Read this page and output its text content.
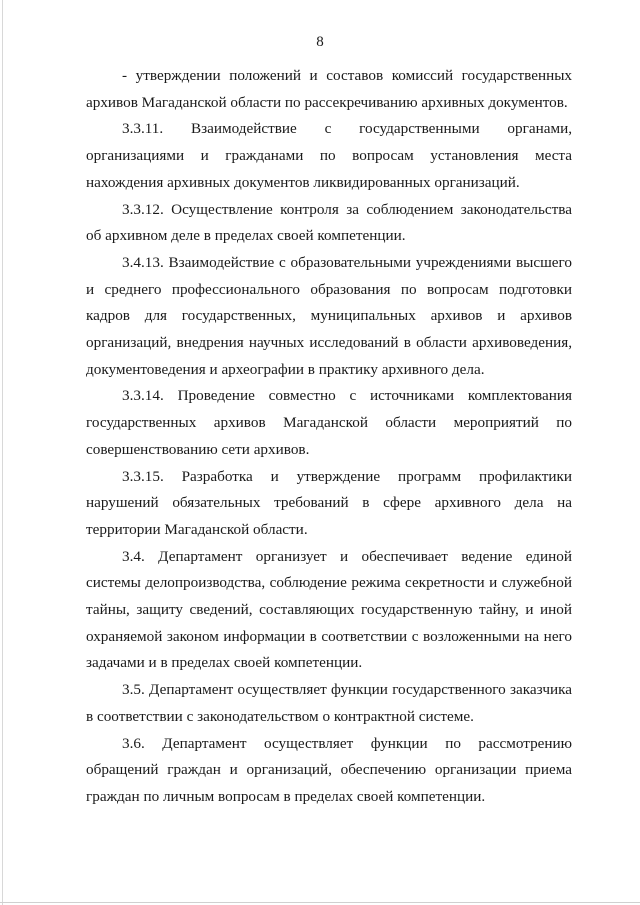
8

- утверждении положений и составов комиссий государственных архивов Магаданской области по рассекречиванию архивных документов.

3.3.11. Взаимодействие с государственными органами, организациями и гражданами по вопросам установления места нахождения архивных документов ликвидированных организаций.

3.3.12. Осуществление контроля за соблюдением законодательства об архивном деле в пределах своей компетенции.

3.4.13. Взаимодействие с образовательными учреждениями высшего и среднего профессионального образования по вопросам подготовки кадров для государственных, муниципальных архивов и архивов организаций, внедрения научных исследований в области архивоведения, документоведения и археографии в практику архивного дела.

3.3.14. Проведение совместно с источниками комплектования государственных архивов Магаданской области мероприятий по совершенствованию сети архивов.

3.3.15. Разработка и утверждение программ профилактики нарушений обязательных требований в сфере архивного дела на территории Магаданской области.

3.4. Департамент организует и обеспечивает ведение единой системы делопроизводства, соблюдение режима секретности и служебной тайны, защиту сведений, составляющих государственную тайну, и иной охраняемой законом информации в соответствии с возложенными на него задачами и в пределах своей компетенции.

3.5. Департамент осуществляет функции государственного заказчика в соответствии с законодательством о контрактной системе.

3.6. Департамент осуществляет функции по рассмотрению обращений граждан и организаций, обеспечению организации приема граждан по личным вопросам в пределах своей компетенции.
